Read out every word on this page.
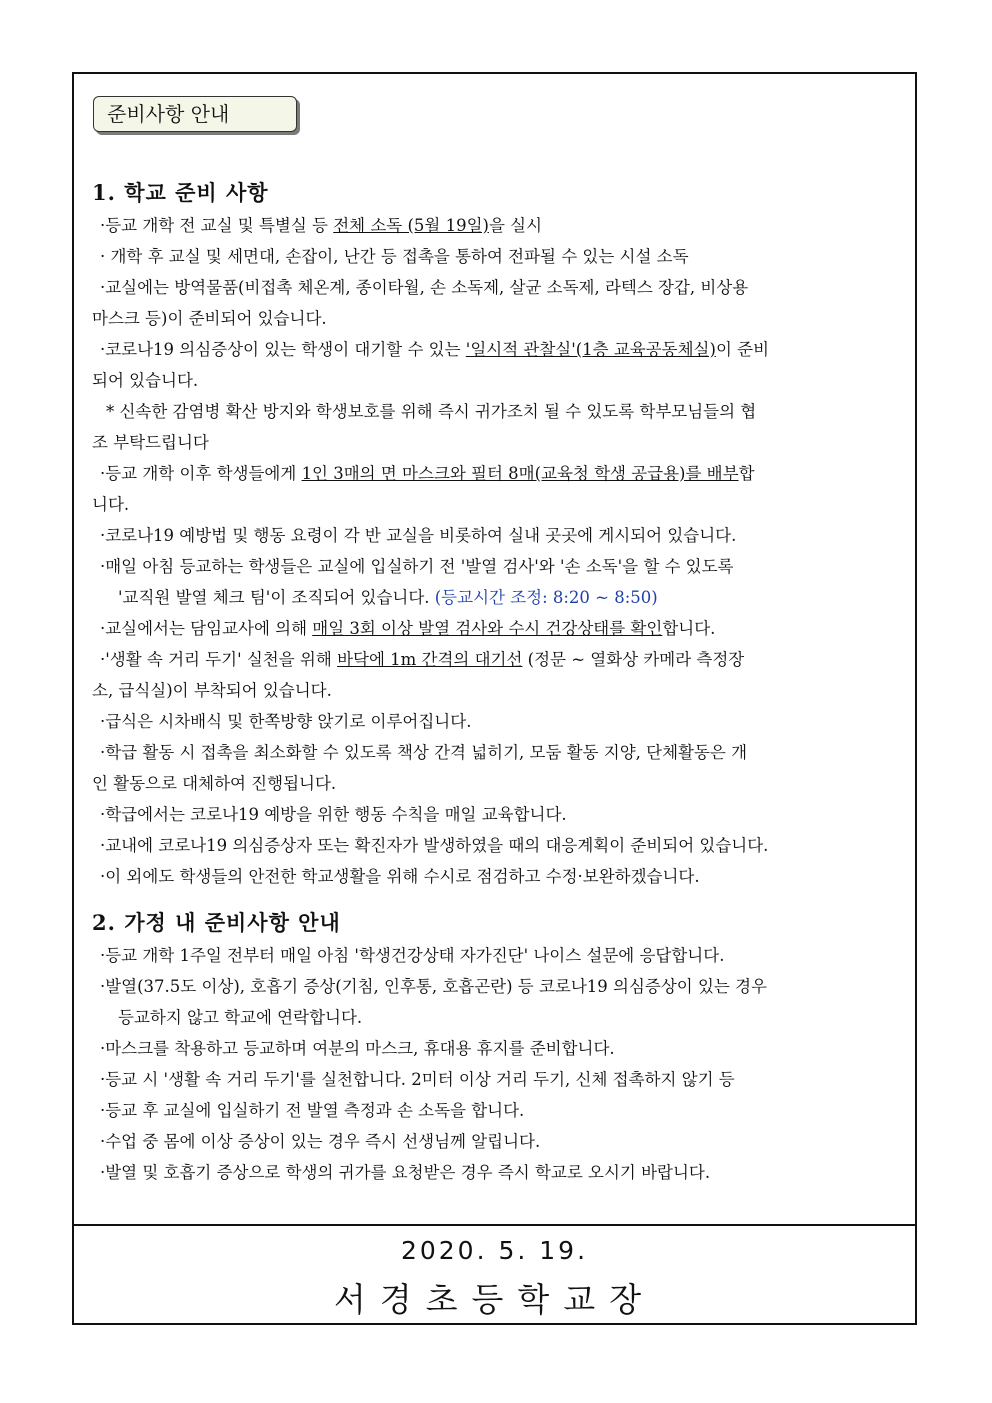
준비사항 안내
1. 학교 준비 사항
·등교 개학 전 교실 및 특별실 등 전체 소독 (5월 19일)을 실시
· 개학 후 교실 및 세면대, 손잡이, 난간 등 접촉을 통하여 전파될 수 있는 시설 소독
·교실에는 방역물품(비접촉 체온계, 종이타월, 손 소독제, 살균 소독제, 라텍스 장갑, 비상용
마스크 등)이 준비되어 있습니다.
·코로나19 의심증상이 있는 학생이 대기할 수 있는 '일시적 관찰실'(1층 교육공동체실)이 준비
되어 있습니다.
* 신속한 감염병 확산 방지와 학생보호를 위해 즉시 귀가조치 될 수 있도록 학부모님들의 협
조 부탁드립니다
·등교 개학 이후 학생들에게 1인 3매의 면 마스크와 필터 8매(교육청 학생 공급용)를 배부합
니다.
·코로나19 예방법 및 행동 요령이 각 반 교실을 비롯하여 실내 곳곳에 게시되어 있습니다.
·매일 아침 등교하는 학생들은 교실에 입실하기 전 '발열 검사'와 '손 소독'을 할 수 있도록
'교직원 발열 체크 팀'이 조직되어 있습니다. (등교시간 조정: 8:20 ~ 8:50)
·교실에서는 담임교사에 의해 매일 3회 이상 발열 검사와 수시 건강상태를 확인합니다.
·'생활 속 거리 두기' 실천을 위해 바닥에 1m 간격의 대기선 (정문 ~ 열화상 카메라 측정장
소, 급식실)이 부착되어 있습니다.
·급식은 시차배식 및 한쪽방향 앉기로 이루어집니다.
·학급 활동 시 접촉을 최소화할 수 있도록 책상 간격 넓히기, 모둠 활동 지양, 단체활동은 개
인 활동으로 대체하여 진행됩니다.
·학급에서는 코로나19 예방을 위한 행동 수칙을 매일 교육합니다.
·교내에 코로나19 의심증상자 또는 확진자가 발생하였을 때의 대응계획이 준비되어 있습니다.
·이 외에도 학생들의 안전한 학교생활을 위해 수시로 점검하고 수정·보완하겠습니다.
2. 가정 내 준비사항 안내
·등교 개학 1주일 전부터 매일 아침 '학생건강상태 자가진단' 나이스 설문에 응답합니다.
·발열(37.5도 이상), 호흡기 증상(기침, 인후통, 호흡곤란) 등 코로나19 의심증상이 있는 경우
등교하지 않고 학교에 연락합니다.
·마스크를 착용하고 등교하며 여분의 마스크, 휴대용 휴지를 준비합니다.
·등교 시 '생활 속 거리 두기'를 실천합니다. 2미터 이상 거리 두기, 신체 접촉하지 않기 등
·등교 후 교실에 입실하기 전 발열 측정과 손 소독을 합니다.
·수업 중 몸에 이상 증상이 있는 경우 즉시 선생님께 알립니다.
·발열 및 호흡기 증상으로 학생의 귀가를 요청받은 경우 즉시 학교로 오시기 바랍니다.
2020. 5. 19.
서경초등학교장
